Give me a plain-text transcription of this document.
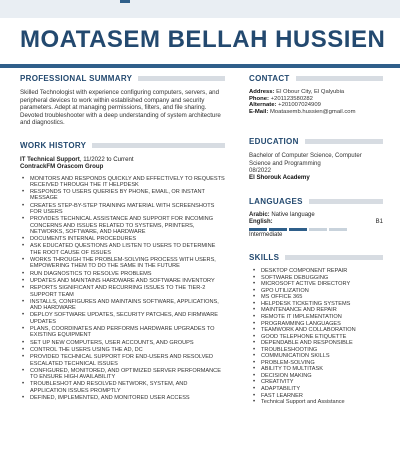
MOATASEM BELLAH HUSSIEN
PROFESSIONAL SUMMARY
Skilled Technologist with experience configuring computers, servers, and peripheral devices to work within established company and security parameters. Adept at managing permissions, filters, and file sharing. Devoted troubleshooter with a deep understanding of system architecture and diagnostics.
WORK HISTORY
IT Technical Support, 11/2022 to Current
ContrackFM Orascom Group
• MONITORS AND RESPONDS QUICKLY AND EFFECTIVELY TO REQUESTS RECEIVED THROUGH THE IT HELPDESK
• RESPONDS TO USERS QUERIES BY PHONE, EMAIL, OR INSTANT MESSAGE
• CREATES STEP-BY-STEP TRAINING MATERIAL WITH SCREENSHOTS FOR USERS
• PROVIDES TECHNICAL ASSISTANCE AND SUPPORT FOR INCOMING CONCERNS AND ISSUES RELATED TO SYSTEMS, PRINTERS, NETWORKS, SOFTWARE, AND HARDWARE
• DOCUMENTS INTERNAL PROCEDURES
• ASK EDUCATED QUESTIONS AND LISTEN TO USERS TO DETERMINE THE ROOT CAUSE OF ISSUES
• WORKS THROUGH THE PROBLEM-SOLVING PROCESS WITH USERS, EMPOWERING THEM TO DO THE SAME IN THE FUTURE
• RUN DIAGNOSTICS TO RESOLVE PROBLEMS
• UPDATES AND MAINTAINS HARDWARE AND SOFTWARE INVENTORY
• REPORTS SIGNIFICANT AND RECURRING ISSUES TO THE TIER-2 SUPPORT TEAM
• INSTALLS, CONFIGURES AND MAINTAINS SOFTWARE, APPLICATIONS, AND HARDWARE
• DEPLOY SOFTWARE UPDATES, SECURITY PATCHES, AND FIRMWARE UPDATES
• PLANS, COORDINATES AND PERFORMS HARDWARE UPGRADES TO EXISTING EQUIPMENT
• SET UP NEW COMPUTERS, USER ACCOUNTS, AND GROUPS
• CONTROL THE USERS USING THE AD, DC
• PROVIDED TECHNICAL SUPPORT FOR END-USERS AND RESOLVED ESCALATED TECHNICAL ISSUES
• CONFIGURED, MONITORED, AND OPTIMIZED SERVER PERFORMANCE TO ENSURE HIGH AVAILABILITY
• TROUBLESHOT AND RESOLVED NETWORK, SYSTEM, AND APPLICATION ISSUES PROMPTLY
• DEFINED, IMPLEMENTED, AND MONITORED USER ACCESS
CONTACT
Address: El Obour City, El Qalyubia
Phone: +201123580282
Alternate: +201007024909
E-Mail: Moatasemb.hussien@gmail.com
EDUCATION
Bachelor of Computer Science, Computer Science and Programming
08/2022
El Shorouk Academy
LANGUAGES
Arabic: Native language
English:	B1
Intermediate
SKILLS
• DESKTOP COMPONENT REPAIR
• SOFTWARE DEBUGGING
• MICROSOFT ACTIVE DIRECTORY
• GPO UTILIZATION
• MS OFFICE 365
• HELPDESK TICKETING SYSTEMS
• MAINTENANCE AND REPAIR
• REMOTE IT IMPLEMENTATION
• PROGRAMMING LANGUAGES
• TEAMWORK AND COLLABORATION
• GOOD TELEPHONE ETIQUETTE
• DEPENDABLE AND RESPONSIBLE
• TROUBLESHOOTING
• COMMUNICATION SKILLS
• PROBLEM-SOLVING
• ABILITY TO MULTITASK
• DECISION MAKING
• CREATIVITY
• ADAPTABILITY
• FAST LEARNER
• Technical Support and Assistance
